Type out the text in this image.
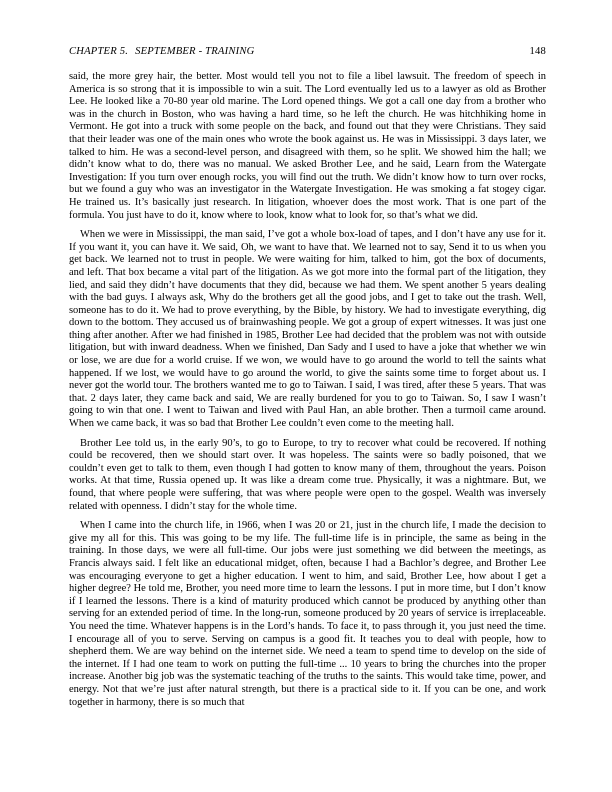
CHAPTER 5. SEPTEMBER - TRAINING	148

said, the more grey hair, the better. Most would tell you not to file a libel lawsuit. The freedom of speech in America is so strong that it is impossible to win a suit. The Lord eventually led us to a lawyer as old as Brother Lee. He looked like a 70-80 year old marine. The Lord opened things. We got a call one day from a brother who was in the church in Boston, who was having a hard time, so he left the church. He was hitchhiking home in Vermont. He got into a truck with some people on the back, and found out that they were Christians. They said that their leader was one of the main ones who wrote the book against us. He was in Mississippi. 3 days later, we talked to him. He was a second-level person, and disagreed with them, so he split. We showed him the hall; we didn’t know what to do, there was no manual. We asked Brother Lee, and he said, Learn from the Watergate Investigation: If you turn over enough rocks, you will find out the truth. We didn’t know how to turn over rocks, but we found a guy who was an investigator in the Watergate Investigation. He was smoking a fat stogey cigar. He trained us. It’s basically just research. In litigation, whoever does the most work. That is one part of the formula. You just have to do it, know where to look, know what to look for, so that’s what we did.

When we were in Mississippi, the man said, I’ve got a whole box-load of tapes, and I don’t have any use for it. If you want it, you can have it. We said, Oh, we want to have that. We learned not to say, Send it to us when you get back. We learned not to trust in people. We were waiting for him, talked to him, got the box of documents, and left. That box became a vital part of the litigation. As we got more into the formal part of the litigation, they lied, and said they didn’t have documents that they did, because we had them. We spent another 5 years dealing with the bad guys. I always ask, Why do the brothers get all the good jobs, and I get to take out the trash. Well, someone has to do it. We had to prove everything, by the Bible, by history. We had to investigate everything, dig down to the bottom. They accused us of brainwashing people. We got a group of expert witnesses. It was just one thing after another. After we had finished in 1985, Brother Lee had decided that the problem was not with outside litigation, but with inward deadness. When we finished, Dan Sady and I used to have a joke that whether we win or lose, we are due for a world cruise. If we won, we would have to go around the world to tell the saints what happened. If we lost, we would have to go around the world, to give the saints some time to forget about us. I never got the world tour. The brothers wanted me to go to Taiwan. I said, I was tired, after these 5 years. That was that. 2 days later, they came back and said, We are really burdened for you to go to Taiwan. So, I saw I wasn’t going to win that one. I went to Taiwan and lived with Paul Han, an able brother. Then a turmoil came around. When we came back, it was so bad that Brother Lee couldn’t even come to the meeting hall.

Brother Lee told us, in the early 90’s, to go to Europe, to try to recover what could be recovered. If nothing could be recovered, then we should start over. It was hopeless. The saints were so badly poisoned, that we couldn’t even get to talk to them, even though I had gotten to know many of them, throughout the years. Poison works. At that time, Russia opened up. It was like a dream come true. Physically, it was a nightmare. But, we found, that where people were suffering, that was where people were open to the gospel. Wealth was inversely related with openness. I didn’t stay for the whole time.

When I came into the church life, in 1966, when I was 20 or 21, just in the church life, I made the decision to give my all for this. This was going to be my life. The full-time life is in principle, the same as being in the training. In those days, we were all full-time. Our jobs were just something we did between the meetings, as Francis always said. I felt like an educational midget, often, because I had a Bachlor’s degree, and Brother Lee was encouraging everyone to get a higher education. I went to him, and said, Brother Lee, how about I get a higher degree? He told me, Brother, you need more time to learn the lessons. I put in more time, but I don’t know if I learned the lessons. There is a kind of maturity produced which cannot be produced by anything other than serving for an extended period of time. In the long-run, someone produced by 20 years of service is irreplaceable. You need the time. Whatever happens is in the Lord’s hands. To face it, to pass through it, you just need the time. I encourage all of you to serve. Serving on campus is a good fit. It teaches you to deal with people, how to shepherd them. We are way behind on the internet side. We need a team to spend time to develop on the side of the internet. If I had one team to work on putting the full-time ... 10 years to bring the churches into the proper increase. Another big job was the systematic teaching of the truths to the saints. This would take time, power, and energy. Not that we’re just after natural strength, but there is a practical side to it. If you can be one, and work together in harmony, there is so much that
